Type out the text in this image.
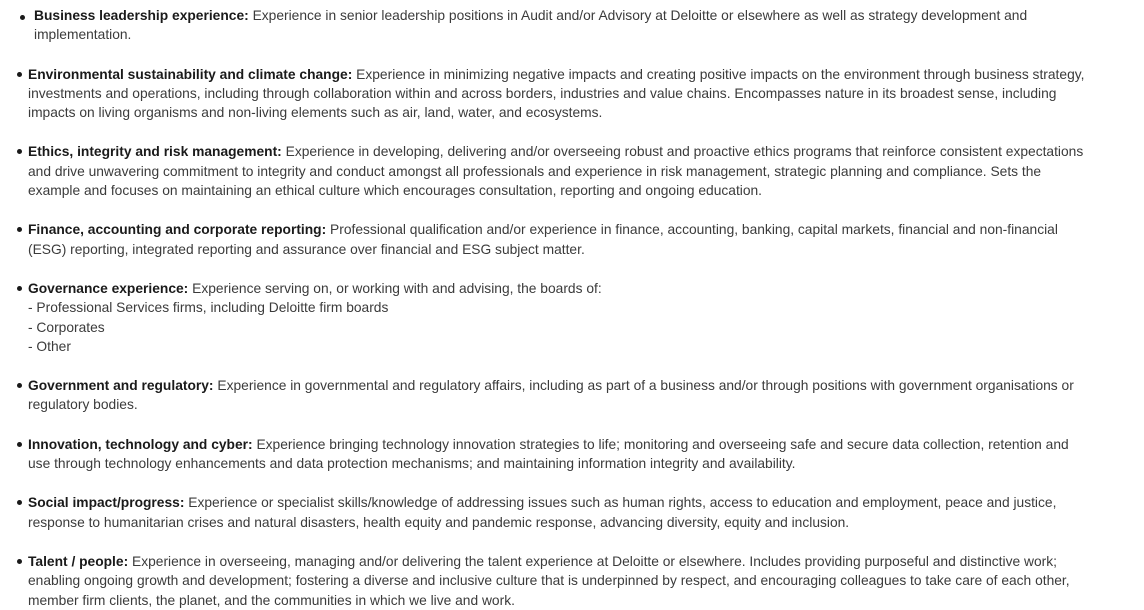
Business leadership experience: Experience in senior leadership positions in Audit and/or Advisory at Deloitte or elsewhere as well as strategy development and implementation.

Environmental sustainability and climate change: Experience in minimizing negative impacts and creating positive impacts on the environment through business strategy, investments and operations, including through collaboration within and across borders, industries and value chains. Encompasses nature in its broadest sense, including impacts on living organisms and non-living elements such as air, land, water, and ecosystems.

Ethics, integrity and risk management: Experience in developing, delivering and/or overseeing robust and proactive ethics programs that reinforce consistent expectations and drive unwavering commitment to integrity and conduct amongst all professionals and experience in risk management, strategic planning and compliance. Sets the example and focuses on maintaining an ethical culture which encourages consultation, reporting and ongoing education.

Finance, accounting and corporate reporting: Professional qualification and/or experience in finance, accounting, banking, capital markets, financial and non-financial (ESG) reporting, integrated reporting and assurance over financial and ESG subject matter.

Governance experience: Experience serving on, or working with and advising, the boards of:

- Professional Services firms, including Deloitte firm boards
- Corporates
- Other

Government and regulatory: Experience in governmental and regulatory affairs, including as part of a business and/or through positions with government organisations or regulatory bodies.

Innovation, technology and cyber: Experience bringing technology innovation strategies to life; monitoring and overseeing safe and secure data collection, retention and use through technology enhancements and data protection mechanisms; and maintaining information integrity and availability.

Social impact/progress: Experience or specialist skills/knowledge of addressing issues such as human rights, access to education and employment, peace and justice, response to humanitarian crises and natural disasters, health equity and pandemic response, advancing diversity, equity and inclusion.

Talent / people: Experience in overseeing, managing and/or delivering the talent experience at Deloitte or elsewhere. Includes providing purposeful and distinctive work; enabling ongoing growth and development; fostering a diverse and inclusive culture that is underpinned by respect, and encouraging colleagues to take care of each other, member firm clients, the planet, and the communities in which we live and work.
